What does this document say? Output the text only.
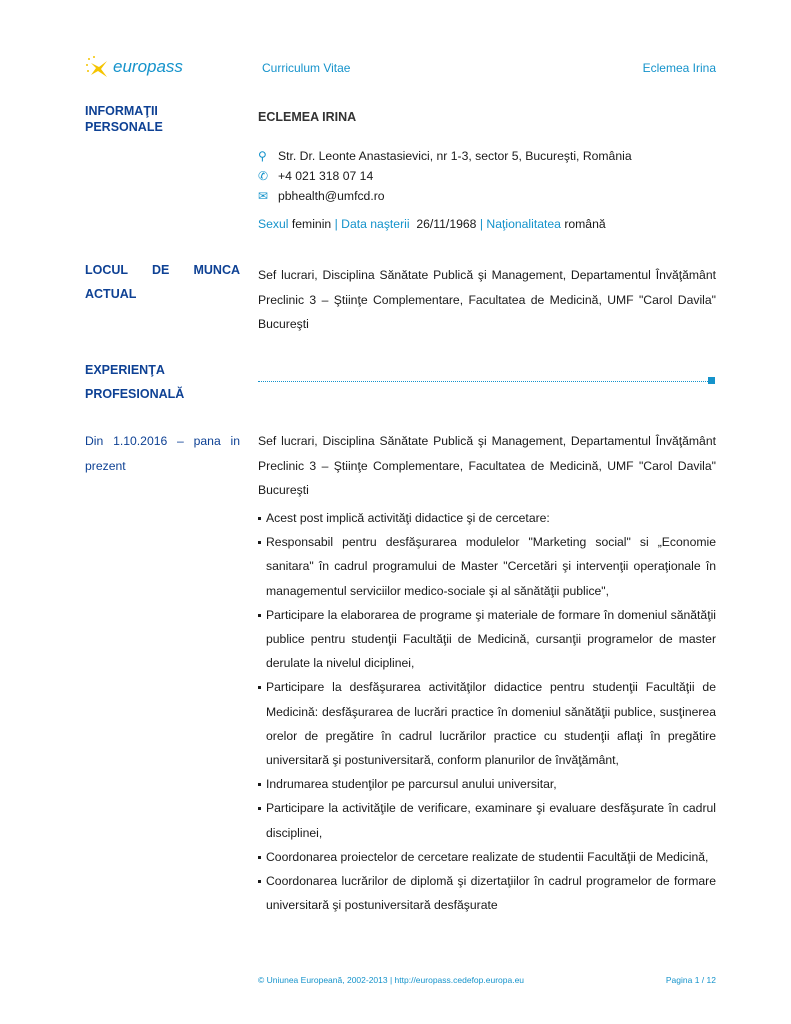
europass	Curriculum Vitae	Eclemea Irina
INFORMAŢII PERSONALE
ECLEMEA IRINA
⚲ Str. Dr. Leonte Anastasievici, nr 1-3, sector 5, Bucureşti, România
✆ +4 021 318 07 14
✉ pbhealth@umfcd.ro
Sexul feminin | Data naşterii 26/11/1968 | Naţionalitatea română
LOCUL DE MUNCA ACTUAL
Sef lucrari, Disciplina Sănătate Publică şi Management, Departamentul Învăţământ Preclinic 3 – Ştiinţe Complementare, Facultatea de Medicină, UMF "Carol Davila" Bucureşti
EXPERIENŢA PROFESIONALĂ
Din 1.10.2016 – pana in prezent
Sef lucrari, Disciplina Sănătate Publică şi Management, Departamentul Învăţământ Preclinic 3 – Ştiinţe Complementare, Facultatea de Medicină, UMF "Carol Davila" Bucureşti
Acest post implică activităţi didactice şi de cercetare:
Responsabil pentru desfăşurarea modulelor "Marketing social" si „Economie sanitara" în cadrul programului de Master "Cercetări şi intervenţii operaţionale în managementul serviciilor medico-sociale şi al sănătăţii publice",
Participare la elaborarea de programe şi materiale de formare în domeniul sănătăţii publice pentru studenţii Facultăţii de Medicină, cursanţii programelor de master derulate la nivelul diciplinei,
Participare la desfăşurarea activităţilor didactice pentru studenţii Facultăţii de Medicină: desfăşurarea de lucrări practice în domeniul sănătăţii publice, susţinerea orelor de pregătire în cadrul lucrărilor practice cu studenţii aflaţi în pregătire universitară şi postuniversitară, conform planurilor de învăţământ,
Indrumarea studenţilor pe parcursul anului universitar,
Participare la activităţile de verificare, examinare şi evaluare desfăşurate în cadrul disciplinei,
Coordonarea proiectelor de cercetare realizate de studentii Facultăţii de Medicină,
Coordonarea lucrărilor de diplomă şi dizertaţiilor în cadrul programelor de formare universitară şi postuniversitară desfăşurate
© Uniunea Europeană, 2002-2013 | http://europass.cedefop.europa.eu	Pagina 1 / 12
